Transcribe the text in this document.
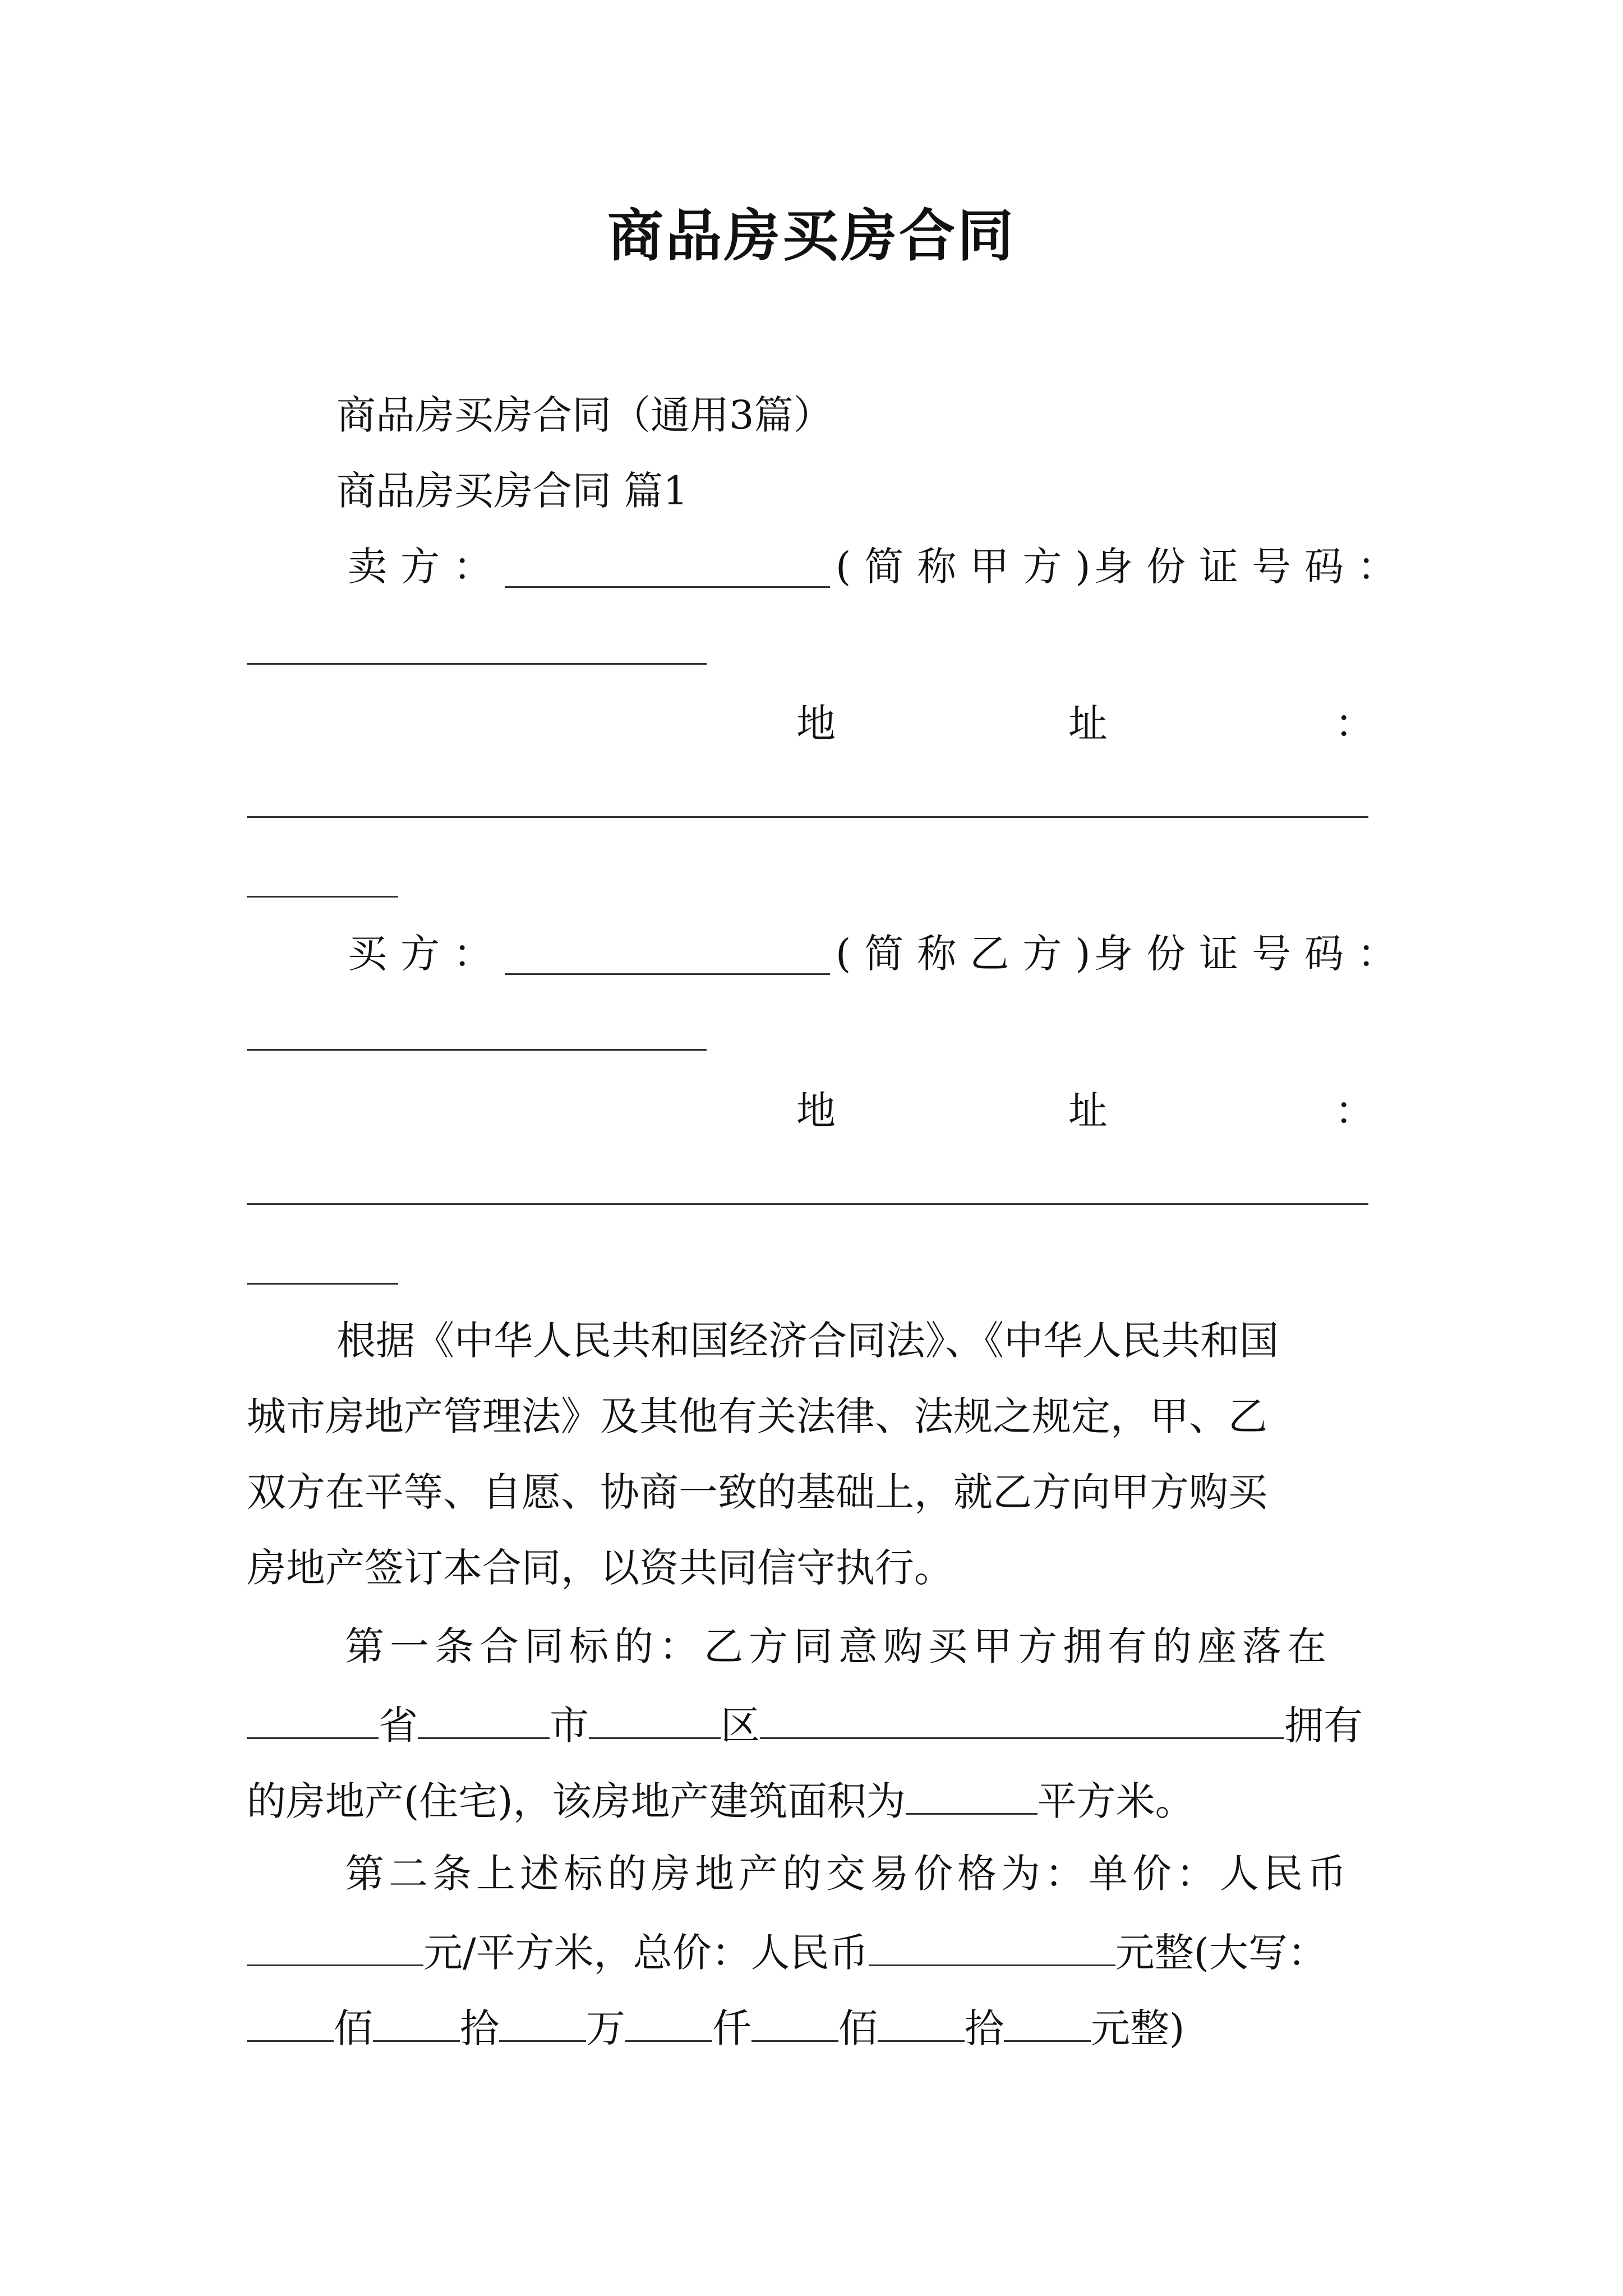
商品房买房合同
商品房买房合同（通用3篇）
商品房买房合同 篇1
卖方：	(简称甲方)
身份证号码：
地	址	：
买方：	(简称乙方)
身份证号码：
地	址	：
根据《中华人民共和国经济合同法》、《中华人民共和国
城市房地产管理法》及其他有关法律、法规之规定，甲、乙
双方在平等、自愿、协商一致的基础上，就乙方向甲方购买
房地产签订本合同，以资共同信守执行。
第一条合同标的：乙方同意购买甲方拥有的座落在
省	市	区	拥有
的房地产(住宅)，该房地产建筑面积为	平方米。
第二条上述标的房地产的交易价格为：单价：人民币
元/平方米，总价：人民币	元整(大写：
佰 拾 万 仟 佰 拾 元整)
